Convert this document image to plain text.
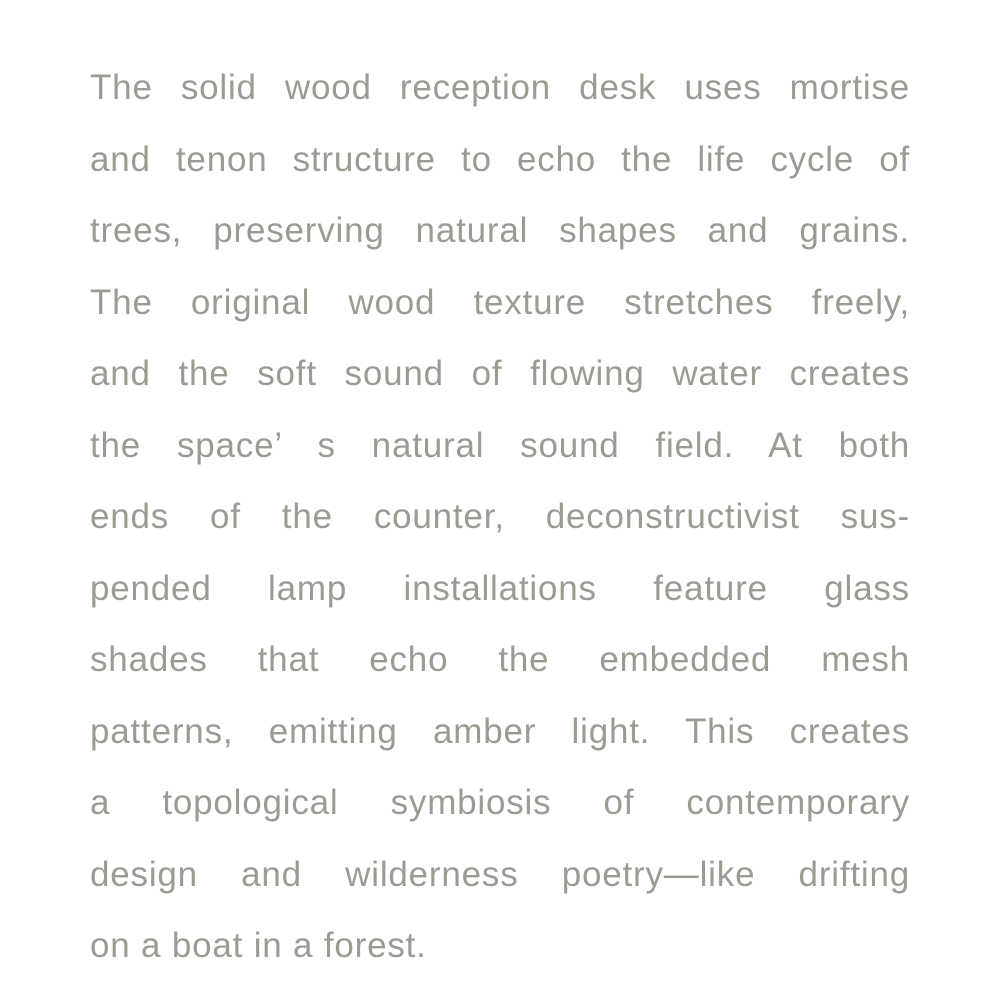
The solid wood reception desk uses mortise
and tenon structure to echo the life cycle of
trees, preserving natural shapes and grains.
The original wood texture stretches freely,
and the soft sound of flowing water creates
the space’ s natural sound field. At both
ends of the counter, deconstructivist sus-
pended lamp installations feature glass
shades that echo the embedded mesh
patterns, emitting amber light. This creates
a topological symbiosis of contemporary
design and wilderness poetry—like drifting
on a boat in a forest.
